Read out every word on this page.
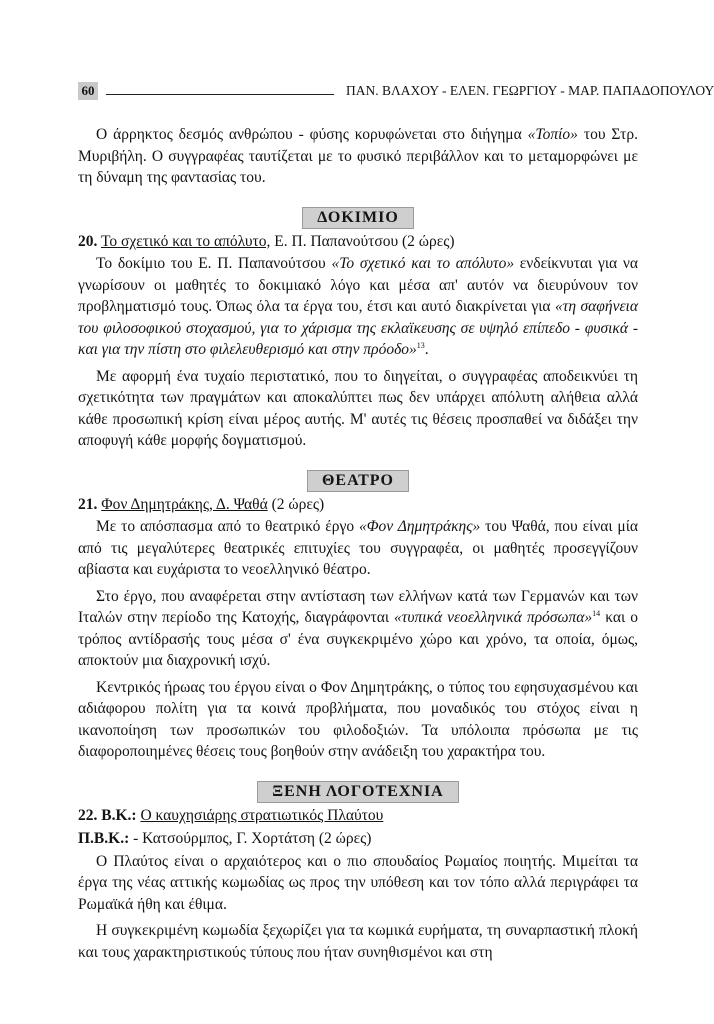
60	ΠΑΝ. ΒΛΑΧΟΥ - ΕΛΕΝ. ΓΕΩΡΓΙΟΥ - ΜΑΡ. ΠΑΠΑΔΟΠΟΥΛΟΥ

Ο άρρηκτος δεσμός ανθρώπου - φύσης κορυφώνεται στο διήγημα «Τοπίο» του Στρ. Μυριβήλη. Ο συγγραφέας ταυτίζεται με το φυσικό περιβάλλον και το μεταμορφώνει με τη δύναμη της φαντασίας του.

ΔΟΚΙΜΙΟ
20. Το σχετικό και το απόλυτο, Ε. Π. Παπανούτσου (2 ώρες)

Το δοκίμιο του Ε. Π. Παπανούτσου «Το σχετικό και το απόλυτο» ενδείκνυται για να γνωρίσουν οι μαθητές το δοκιμιακό λόγο και μέσα απ' αυτόν να διευρύνουν τον προβληματισμό τους. Όπως όλα τα έργα του, έτσι και αυτό διακρίνεται για «τη σαφήνεια του φιλοσοφικού στοχασμού, για το χάρισμα της εκλαϊκευσης σε υψηλό επίπεδο - φυσικά - και για την πίστη στο φιλελευθερισμό και στην πρόοδο»$^{13}$.

Με αφορμή ένα τυχαίο περιστατικό, που το διηγείται, ο συγγραφέας αποδεικνύει τη σχετικότητα των πραγμάτων και αποκαλύπτει πως δεν υπάρχει απόλυτη αλήθεια αλλά κάθε προσωπική κρίση είναι μέρος αυτής. Μ' αυτές τις θέσεις προσπαθεί να διδάξει την αποφυγή κάθε μορφής δογματισμού.

ΘΕΑΤΡΟ
21. Φον Δημητράκης, Δ. Ψαθά (2 ώρες)

Με το απόσπασμα από το θεατρικό έργο «Φον Δημητράκης» του Ψαθά, που είναι μία από τις μεγαλύτερες θεατρικές επιτυχίες του συγγραφέα, οι μαθητές προσεγγίζουν αβίαστα και ευχάριστα το νεοελληνικό θέατρο.

Στο έργο, που αναφέρεται στην αντίσταση των ελλήνων κατά των Γερμανών και των Ιταλών στην περίοδο της Κατοχής, διαγράφονται «τυπικά νεοελληνικά πρόσωπα»$^{14}$ και ο τρόπος αντίδρασής τους μέσα σ' ένα συγκεκριμένο χώρο και χρόνο, τα οποία, όμως, αποκτούν μια διαχρονική ισχύ.

Κεντρικός ήρωας του έργου είναι ο Φον Δημητράκης, ο τύπος του εφησυχασμένου και αδιάφορου πολίτη για τα κοινά προβλήματα, που μοναδικός του στόχος είναι η ικανοποίηση των προσωπικών του φιλοδοξιών. Τα υπόλοιπα πρόσωπα με τις διαφοροποιημένες θέσεις τους βοηθούν στην ανάδειξη του χαρακτήρα του.

ΞΕΝΗ ΛΟΓΟΤΕΧΝΙΑ
22. Β.Κ.: Ο καυχησιάρης στρατιωτικός Πλαύτου
Π.Β.Κ.: - Κατσούρμπος, Γ. Χορτάτση (2 ώρες)

Ο Πλαύτος είναι ο αρχαιότερος και ο πιο σπουδαίος Ρωμαίος ποιητής. Μιμείται τα έργα της νέας αττικής κωμωδίας ως προς την υπόθεση και τον τόπο αλλά περιγράφει τα Ρωμαϊκά ήθη και έθιμα.

Η συγκεκριμένη κωμωδία ξεχωρίζει για τα κωμικά ευρήματα, τη συναρπαστική πλοκή και τους χαρακτηριστικούς τύπους που ήταν συνηθισμένοι και στη
